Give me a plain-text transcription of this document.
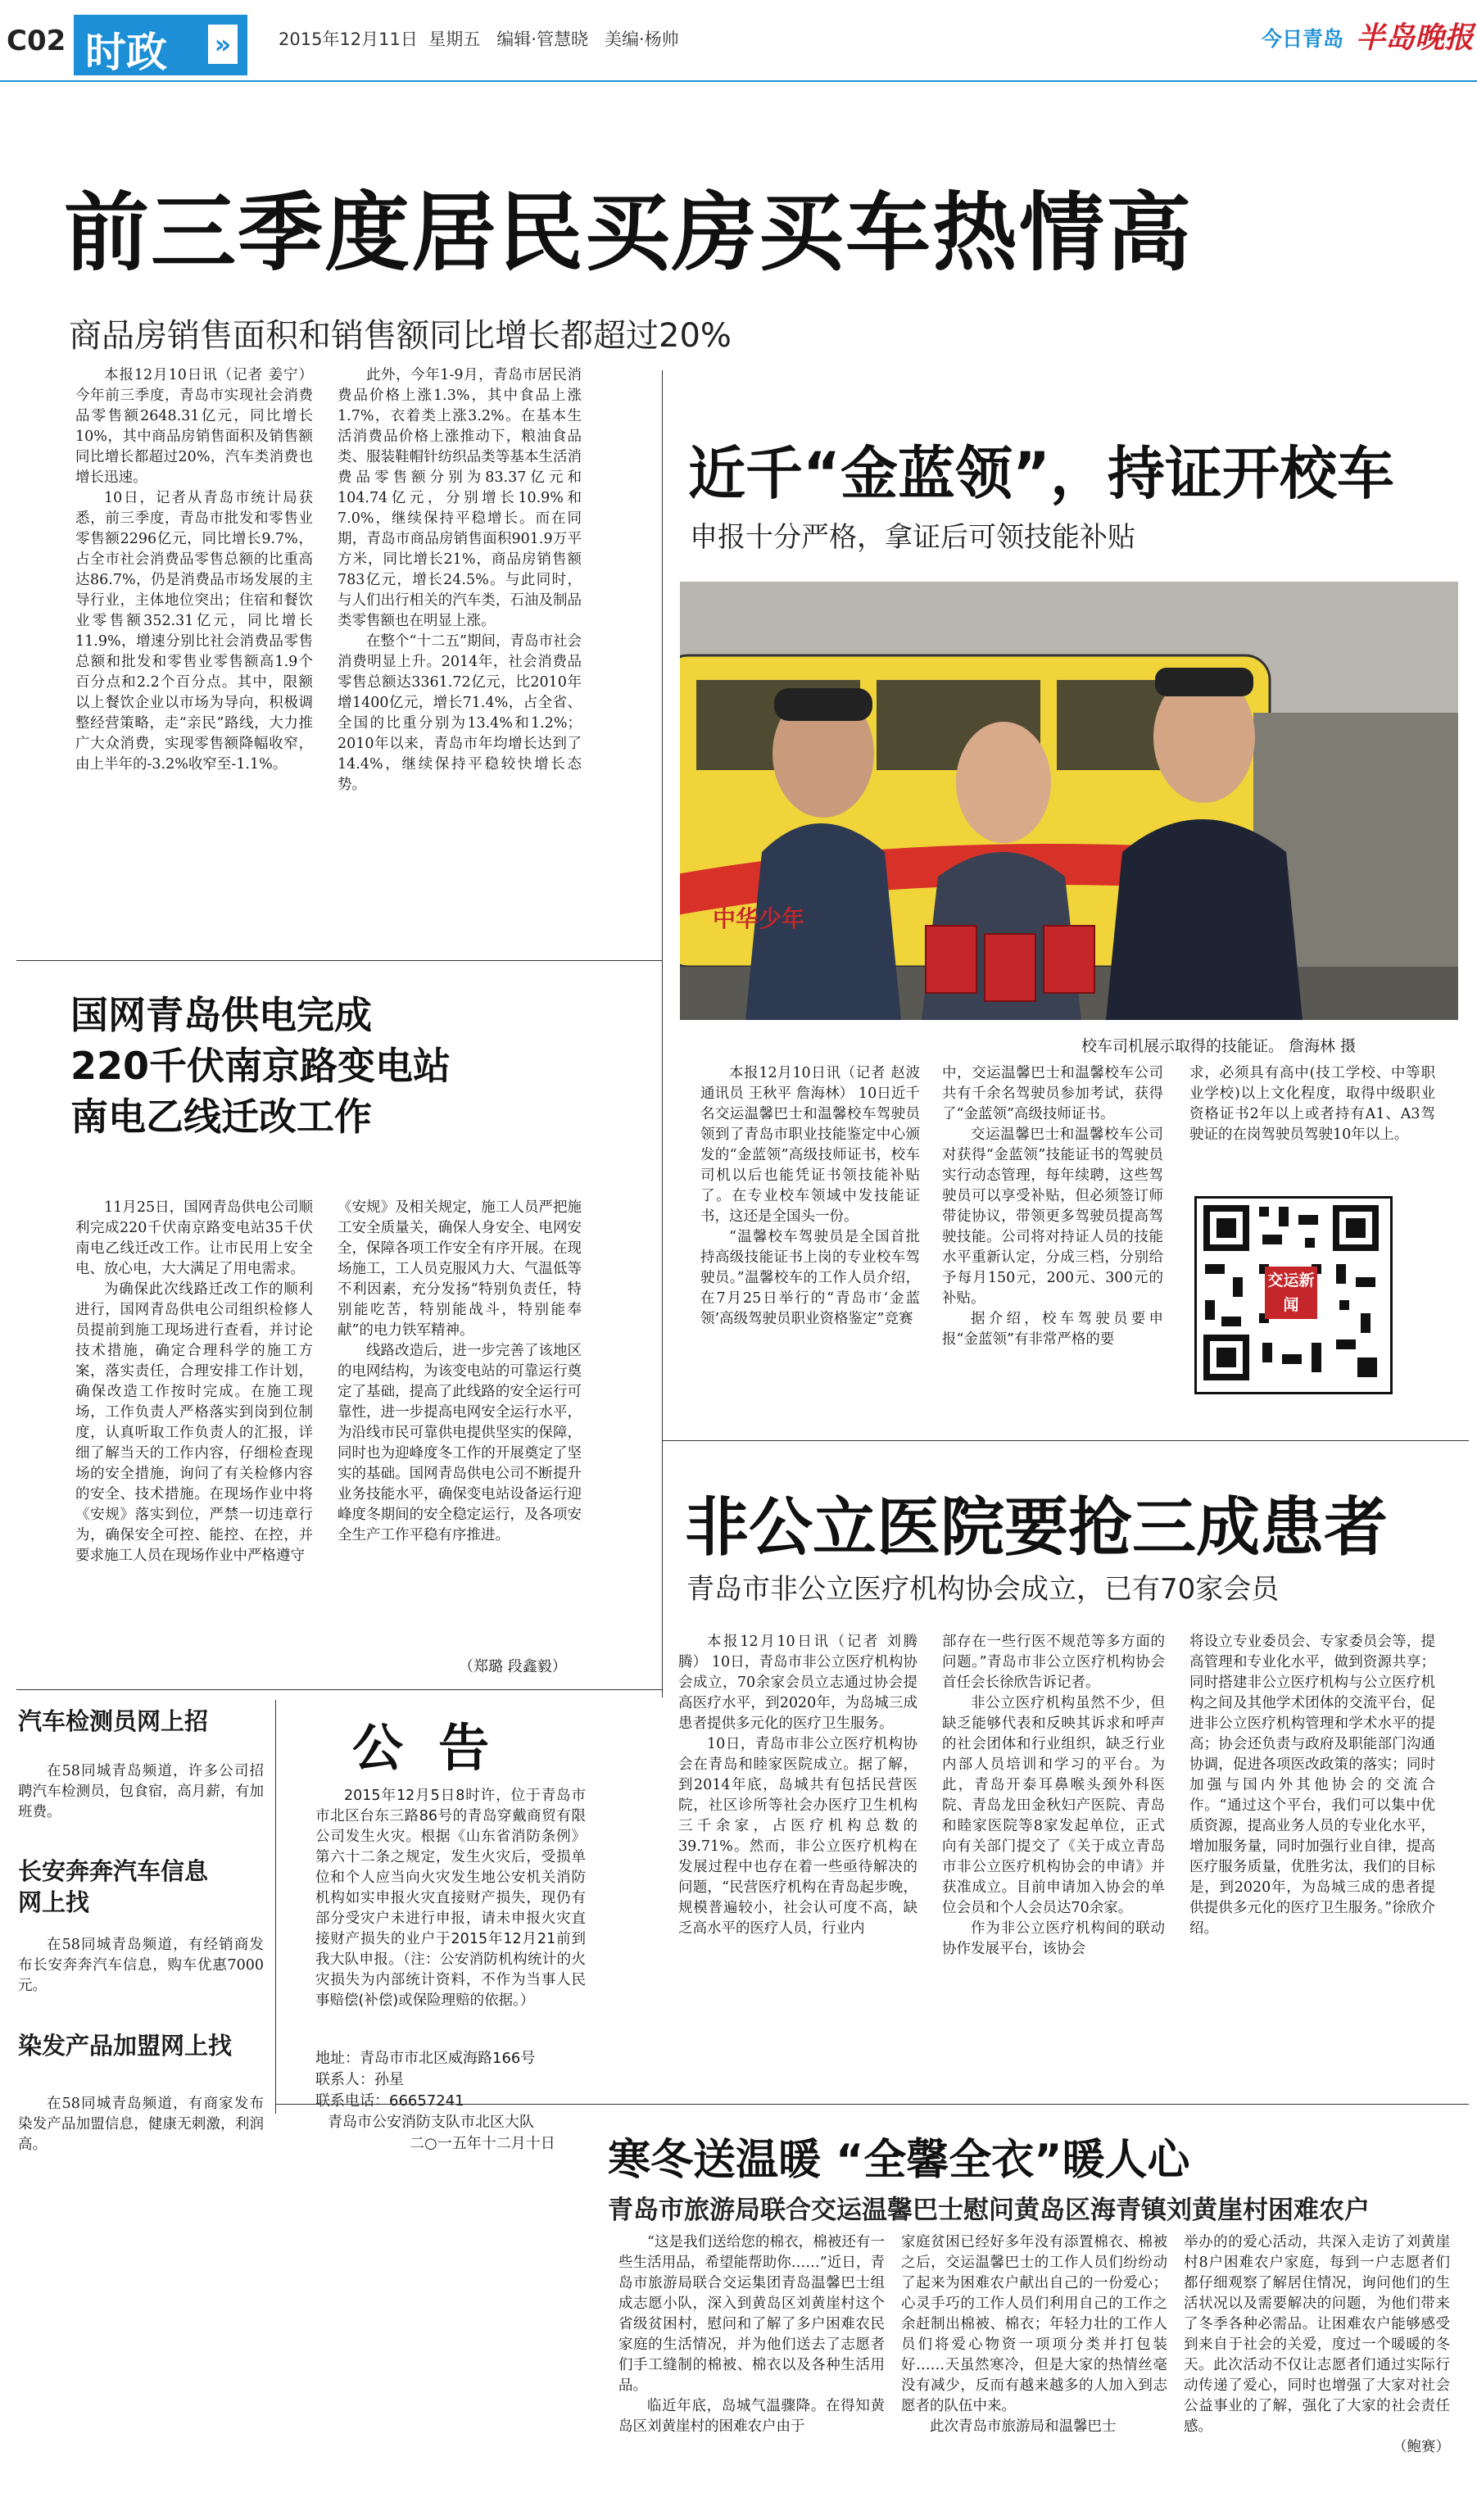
C02 时政 »	2015年12月11日  星期五   编辑·管慧晓   美编·杨帅	今日青岛 半岛晚报
前三季度居民买房买车热情高
商品房销售面积和销售额同比增长都超过20%

本报12月10日讯（记者 姜宁） 今年前三季度，青岛市实现社会消费品零售额2648.31亿元，同比增长10%，其中商品房销售面积及销售额同比增长都超过20%，汽车类消费也增长迅速。

10日，记者从青岛市统计局获悉，前三季度，青岛市批发和零售业零售额2296亿元，同比增长9.7%，占全市社会消费品零售总额的比重高达86.7%，仍是消费品市场发展的主导行业，主体地位突出；住宿和餐饮业零售额352.31亿元，同比增长11.9%，增速分别比社会消费品零售总额和批发和零售业零售额高1.9个百分点和2.2个百分点。其中，限额以上餐饮企业以市场为导向，积极调整经营策略，走“亲民”路线，大力推广大众消费，实现零售额降幅收窄，由上半年的-3.2%收窄至-1.1%。

此外，今年1-9月，青岛市居民消费品价格上涨1.3%，其中食品上涨1.7%，衣着类上涨3.2%。在基本生活消费品价格上涨推动下，粮油食品类、服装鞋帽针纺织品类等基本生活消费品零售额分别为83.37亿元和104.74亿元，分别增长10.9%和7.0%，继续保持平稳增长。而在同期，青岛市商品房销售面积901.9万平方米，同比增长21%，商品房销售额783亿元，增长24.5%。与此同时，与人们出行相关的汽车类，石油及制品类零售额也在明显上涨。

在整个“十二五”期间，青岛市社会消费明显上升。2014年，社会消费品零售总额达3361.72亿元，比2010年增1400亿元，增长71.4%，占全省、全国的比重分别为13.4%和1.2%；2010年以来，青岛市年均增长达到了14.4%，继续保持平稳较快增长态势。

国网青岛供电完成
220千伏南京路变电站
南电乙线迁改工作

11月25日，国网青岛供电公司顺利完成220千伏南京路变电站35千伏南电乙线迁改工作。让市民用上安全电、放心电，大大满足了用电需求。

为确保此次线路迁改工作的顺利进行，国网青岛供电公司组织检修人员提前到施工现场进行查看，并讨论技术措施，确定合理科学的施工方案，落实责任，合理安排工作计划，确保改造工作按时完成。在施工现场，工作负责人严格落实到岗到位制度，认真听取工作负责人的汇报，详细了解当天的工作内容，仔细检查现场的安全措施，询问了有关检修内容的安全、技术措施。在现场作业中将《安规》落实到位，严禁一切违章行为，确保安全可控、能控、在控，并要求施工人员在现场作业中严格遵守

《安规》及相关规定，施工人员严把施工安全质量关，确保人身安全、电网安全，保障各项工作安全有序开展。在现场施工，工人员克服风力大、气温低等不利因素，充分发扬“特别负责任，特别能吃苦，特别能战斗，特别能奉献”的电力铁军精神。

线路改造后，进一步完善了该地区的电网结构，为该变电站的可靠运行奠定了基础，提高了此线路的安全运行可靠性，进一步提高电网安全运行水平，为沿线市民可靠供电提供坚实的保障，同时也为迎峰度冬工作的开展奠定了坚实的基础。国网青岛供电公司不断提升业务技能水平，确保变电站设备运行迎峰度冬期间的安全稳定运行，及各项安全生产工作平稳有序推进。

（郑璐 段鑫毅）
近千“金蓝领”，持证开校车
申报十分严格，拿证后可领技能补贴
中华少年
校车司机展示取得的技能证。 詹海林 摄

本报12月10日讯（记者 赵波 通讯员 王秋平 詹海林） 10日近千名交运温馨巴士和温馨校车驾驶员领到了青岛市职业技能鉴定中心颁发的“金蓝领”高级技师证书，校车司机以后也能凭证书领技能补贴了。在专业校车领域中发技能证书，这还是全国头一份。

“温馨校车驾驶员是全国首批持高级技能证书上岗的专业校车驾驶员。”温馨校车的工作人员介绍，在7月25日举行的“青岛市‘金蓝领’高级驾驶员职业资格鉴定”竞赛

中，交运温馨巴士和温馨校车公司共有千余名驾驶员参加考试，获得了“金蓝领”高级技师证书。

交运温馨巴士和温馨校车公司对获得“金蓝领”技能证书的驾驶员实行动态管理，每年续聘，这些驾驶员可以享受补贴，但必须签订师带徒协议，带领更多驾驶员提高驾驶技能。公司将对持证人员的技能水平重新认定，分成三档，分别给予每月150元，200元、300元的补贴。

据介绍，校车驾驶员要申报“金蓝领”有非常严格的要

求，必须具有高中(技工学校、中等职业学校)以上文化程度，取得中级职业资格证书2年以上或者持有A1、A3驾驶证的在岗驾驶员驾驶10年以上。

交运新闻
非公立医院要抢三成患者
青岛市非公立医疗机构协会成立，已有70家会员

本报12月10日讯（记者 刘腾腾） 10日，青岛市非公立医疗机构协会成立，70余家会员立志通过协会提高医疗水平，到2020年，为岛城三成患者提供多元化的医疗卫生服务。

10日，青岛市非公立医疗机构协会在青岛和睦家医院成立。据了解，到2014年底，岛城共有包括民营医院，社区诊所等社会办医疗卫生机构三千余家，占医疗机构总数的39.71%。然而，非公立医疗机构在发展过程中也存在着一些亟待解决的问题，“民营医疗机构在青岛起步晚，规模普遍较小，社会认可度不高，缺乏高水平的医疗人员，行业内

部存在一些行医不规范等多方面的问题。”青岛市非公立医疗机构协会首任会长徐欣告诉记者。

非公立医疗机构虽然不少，但缺乏能够代表和反映其诉求和呼声的社会团体和行业组织，缺乏行业内部人员培训和学习的平台。为此，青岛开泰耳鼻喉头颈外科医院、青岛龙田金秋妇产医院、青岛和睦家医院等8家发起单位，正式向有关部门提交了《关于成立青岛市非公立医疗机构协会的申请》并获准成立。目前申请加入协会的单位会员和个人会员达70余家。

作为非公立医疗机构间的联动协作发展平台，该协会

将设立专业委员会、专家委员会等，提高管理和专业化水平，做到资源共享；同时搭建非公立医疗机构与公立医疗机构之间及其他学术团体的交流平台，促进非公立医疗机构管理和学术水平的提高；协会还负责与政府及职能部门沟通协调，促进各项医改政策的落实；同时加强与国内外其他协会的交流合作。“通过这个平台，我们可以集中优质资源，提高业务人员的专业化水平，增加服务量，同时加强行业自律，提高医疗服务质量，优胜劣汰，我们的目标是，到2020年，为岛城三成的患者提供提供多元化的医疗卫生服务。”徐欣介绍。

汽车检测员网上招

在58同城青岛频道，许多公司招聘汽车检测员，包食宿，高月薪，有加班费。

长安奔奔汽车信息网上找

在58同城青岛频道，有经销商发布长安奔奔汽车信息，购车优惠7000元。

染发产品加盟网上找

在58同城青岛频道，有商家发布染发产品加盟信息，健康无刺激，利润高。

公  告

2015年12月5日8时许，位于青岛市市北区台东三路86号的青岛穿戴商贸有限公司发生火灾。根据《山东省消防条例》第六十二条之规定，发生火灾后，受损单位和个人应当向火灾发生地公安机关消防机构如实申报火灾直接财产损失，现仍有部分受灾户未进行申报，请未申报火灾直接财产损失的业户于2015年12月21前到我大队申报。（注：公安消防机构统计的火灾损失为内部统计资料，不作为当事人民事赔偿(补偿)或保险理赔的依据。）

地址：青岛市市北区威海路166号
联系人：孙星
联系电话：66657241
青岛市公安消防支队市北区大队
二○一五年十二月十日 寒冬送温暖 “全馨全衣”暖人心
青岛市旅游局联合交运温馨巴士慰问黄岛区海青镇刘黄崖村困难农户

“这是我们送给您的棉衣，棉被还有一些生活用品，希望能帮助你……”近日，青岛市旅游局联合交运集团青岛温馨巴士组成志愿小队，深入到黄岛区刘黄崖村这个省级贫困村，慰问和了解了多户困难农民家庭的生活情况，并为他们送去了志愿者们手工缝制的棉被、棉衣以及各种生活用品。

临近年底，岛城气温骤降。在得知黄岛区刘黄崖村的困难农户由于

家庭贫困已经好多年没有添置棉衣、棉被之后，交运温馨巴士的工作人员们纷纷动了起来为困难农户献出自己的一份爱心；心灵手巧的工作人员们利用自己的工作之余赶制出棉被、棉衣；年轻力壮的工作人员们将爱心物资一项项分类并打包装好……天虽然寒冷，但是大家的热情丝毫没有减少，反而有越来越多的人加入到志愿者的队伍中来。

此次青岛市旅游局和温馨巴士

举办的的爱心活动，共深入走访了刘黄崖村8户困难农户家庭，每到一户志愿者们都仔细观察了解居住情况，询问他们的生活状况以及需要解决的问题，为他们带来了冬季各种必需品。让困难农户能够感受到来自于社会的关爱，度过一个暖暖的冬天。此次活动不仅让志愿者们通过实际行动传递了爱心，同时也增强了大家对社会公益事业的了解，强化了大家的社会责任感。

（鲍赛）
